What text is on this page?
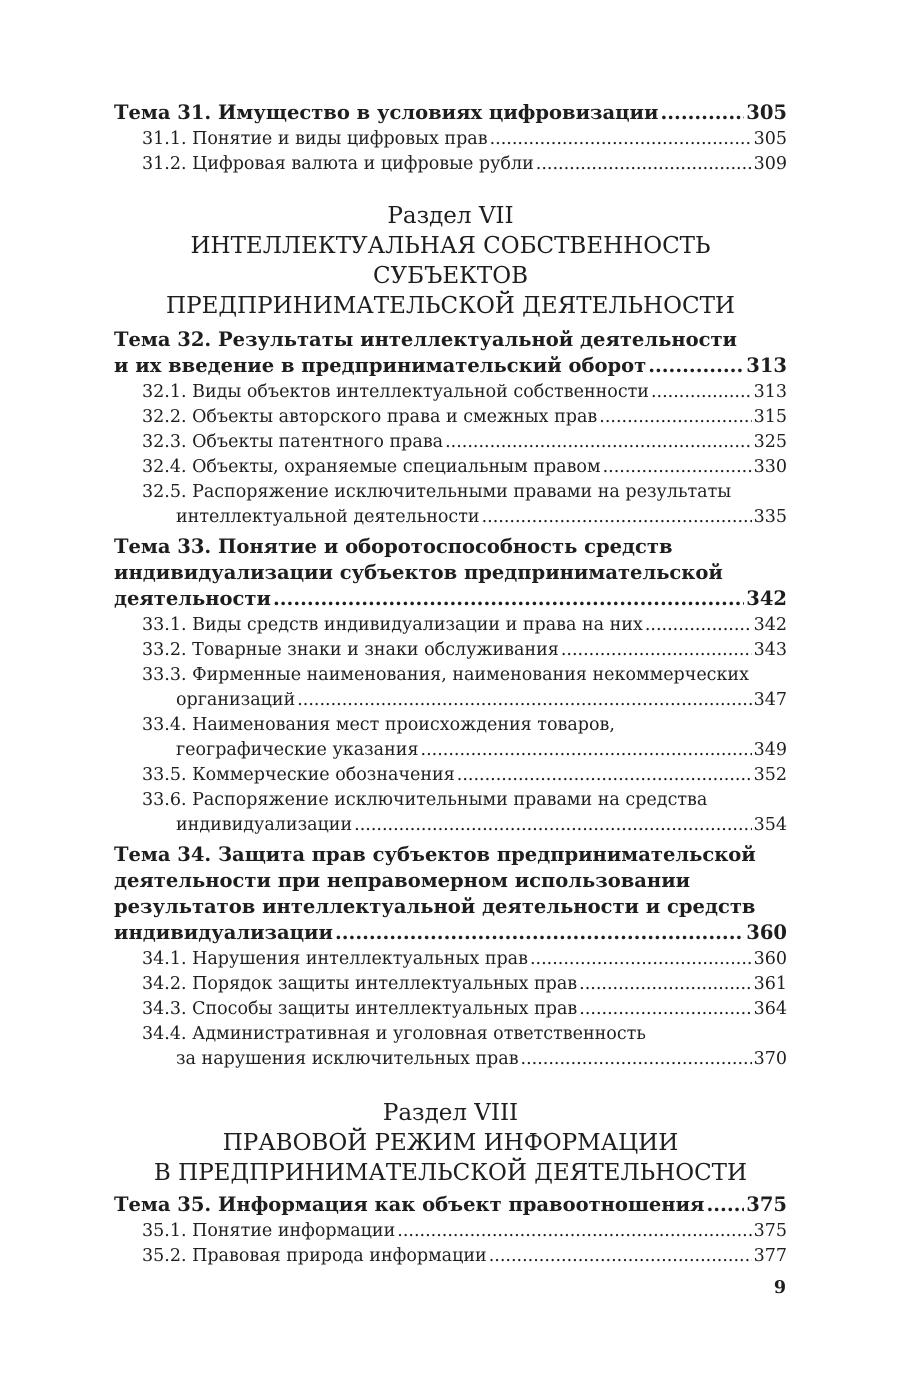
Тема 31. Имущество в условиях цифровизации .....	305
31.1. Понятие и виды цифровых прав .....	305
31.2. Цифровая валюта и цифровые рубли .....	309
Раздел VII
ИНТЕЛЛЕКТУАЛЬНАЯ СОБСТВЕННОСТЬ СУБЪЕКТОВ
ПРЕДПРИНИМАТЕЛЬСКОЙ ДЕЯТЕЛЬНОСТИ
Тема 32. Результаты интеллектуальной деятельности
и их введение в предпринимательский оборот .....	313
32.1. Виды объектов интеллектуальной собственности .....	313
32.2. Объекты авторского права и смежных прав .....	315
32.3. Объекты патентного права .....	325
32.4. Объекты, охраняемые специальным правом .....	330
32.5. Распоряжение исключительными правами на результаты
интеллектуальной деятельности .....	335
Тема 33. Понятие и оборотоспособность средств
индивидуализации субъектов предпринимательской
деятельности .....	342
33.1. Виды средств индивидуализации и права на них .....	342
33.2. Товарные знаки и знаки обслуживания .....	343
33.3. Фирменные наименования, наименования некоммерческих
организаций .....	347
33.4. Наименования мест происхождения товаров,
географические указания .....	349
33.5. Коммерческие обозначения .....	352
33.6. Распоряжение исключительными правами на средства
индивидуализации .....	354
Тема 34. Защита прав субъектов предпринимательской
деятельности при неправомерном использовании
результатов интеллектуальной деятельности и средств
индивидуализации .....	360
34.1. Нарушения интеллектуальных прав .....	360
34.2. Порядок защиты интеллектуальных прав .....	361
34.3. Способы защиты интеллектуальных прав .....	364
34.4. Административная и уголовная ответственность
за нарушения исключительных прав .....	370
Раздел VIII
ПРАВОВОЙ РЕЖИМ ИНФОРМАЦИИ
В ПРЕДПРИНИМАТЕЛЬСКОЙ ДЕЯТЕЛЬНОСТИ
Тема 35. Информация как объект правоотношения ..... 375
35.1. Понятие информации .....	375
35.2. Правовая природа информации .....	377
9
